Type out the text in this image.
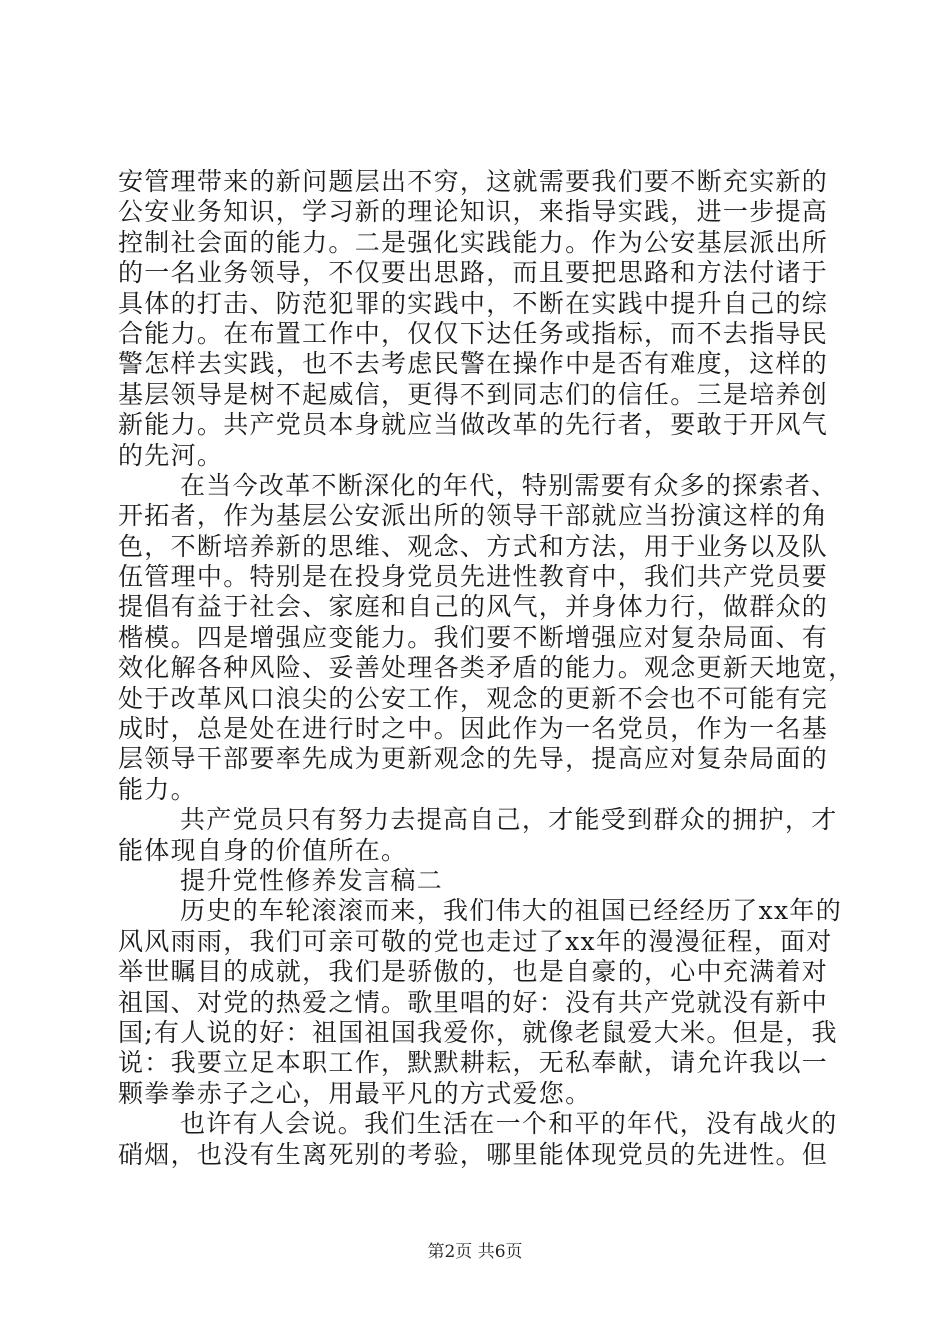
安管理带来的新问题层出不穷，这就需要我们要不断充实新的
公安业务知识，学习新的理论知识，来指导实践，进一步提高
控制社会面的能力。二是强化实践能力。作为公安基层派出所
的一名业务领导，不仅要出思路，而且要把思路和方法付诸于
具体的打击、防范犯罪的实践中，不断在实践中提升自己的综
合能力。在布置工作中，仅仅下达任务或指标，而不去指导民
警怎样去实践，也不去考虑民警在操作中是否有难度，这样的
基层领导是树不起威信，更得不到同志们的信任。三是培养创
新能力。共产党员本身就应当做改革的先行者，要敢于开风气
的先河。
在当今改革不断深化的年代，特别需要有众多的探索者、
开拓者，作为基层公安派出所的领导干部就应当扮演这样的角
色，不断培养新的思维、观念、方式和方法，用于业务以及队
伍管理中。特别是在投身党员先进性教育中，我们共产党员要
提倡有益于社会、家庭和自己的风气，并身体力行，做群众的
楷模。四是增强应变能力。我们要不断增强应对复杂局面、有
效化解各种风险、妥善处理各类矛盾的能力。观念更新天地宽，
处于改革风口浪尖的公安工作，观念的更新不会也不可能有完
成时，总是处在进行时之中。因此作为一名党员，作为一名基
层领导干部要率先成为更新观念的先导，提高应对复杂局面的
能力。
共产党员只有努力去提高自己，才能受到群众的拥护，才
能体现自身的价值所在。
提升党性修养发言稿二
历史的车轮滚滚而来，我们伟大的祖国已经经历了xx年的
风风雨雨，我们可亲可敬的党也走过了xx年的漫漫征程，面对
举世瞩目的成就，我们是骄傲的，也是自豪的，心中充满着对
祖国、对党的热爱之情。歌里唱的好：没有共产党就没有新中
国;有人说的好：祖国祖国我爱你，就像老鼠爱大米。但是，我
说：我要立足本职工作，默默耕耘，无私奉献，请允许我以一
颗拳拳赤子之心，用最平凡的方式爱您。
也许有人会说。我们生活在一个和平的年代，没有战火的
硝烟，也没有生离死别的考验，哪里能体现党员的先进性。但
第2页 共6页
